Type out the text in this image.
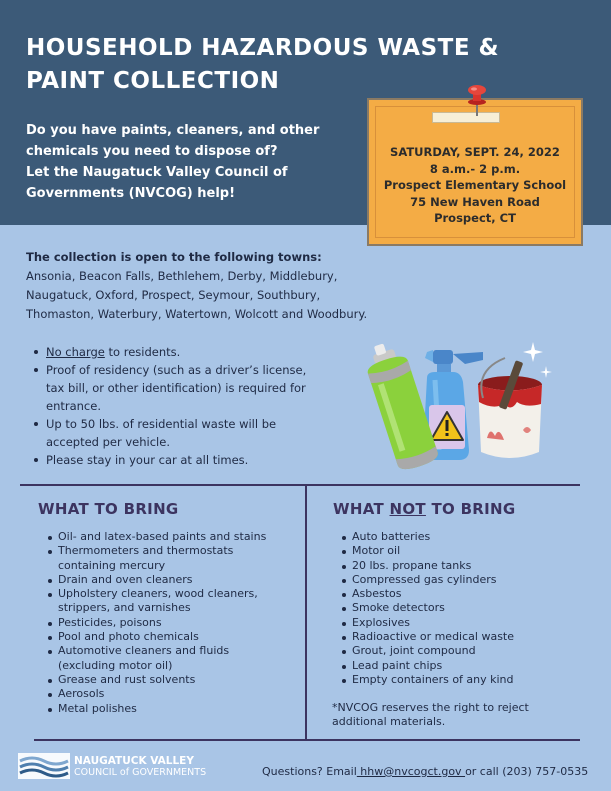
HOUSEHOLD HAZARDOUS WASTE &
PAINT COLLECTION
Do you have paints, cleaners, and other
chemicals you need to dispose of?
Let the Naugatuck Valley Council of
Governments (NVCOG) help!
SATURDAY, SEPT. 24, 2022
8 a.m.- 2 p.m.
Prospect Elementary School
75 New Haven Road
Prospect, CT
The collection is open to the following towns:
Ansonia, Beacon Falls, Bethlehem, Derby, Middlebury,
Naugatuck, Oxford, Prospect, Seymour, Southbury,
Thomaston, Waterbury, Watertown, Wolcott and Woodbury.
No charge to residents.
Proof of residency (such as a driver’s license, tax bill, or other identification) is required for entrance.
Up to 50 lbs. of residential waste will be accepted per vehicle.
Please stay in your car at all times.
WHAT TO BRING
Oil- and latex-based paints and stains
Thermometers and thermostats containing mercury
Drain and oven cleaners
Upholstery cleaners, wood cleaners, strippers, and varnishes
Pesticides, poisons
Pool and photo chemicals
Automotive cleaners and fluids (excluding motor oil)
Grease and rust solvents
Aerosols
Metal polishes
WHAT NOT TO BRING
Auto batteries
Motor oil
20 lbs. propane tanks
Compressed gas cylinders
Asbestos
Smoke detectors
Explosives
Radioactive or medical waste
Grout, joint compound
Lead paint chips
Empty containers of any kind
*NVCOG reserves the right to reject additional materials.
NAUGATUCK VALLEY
COUNCIL of GOVERNMENTS	Questions? Email hhw@nvcogct.gov or call (203) 757-0535
